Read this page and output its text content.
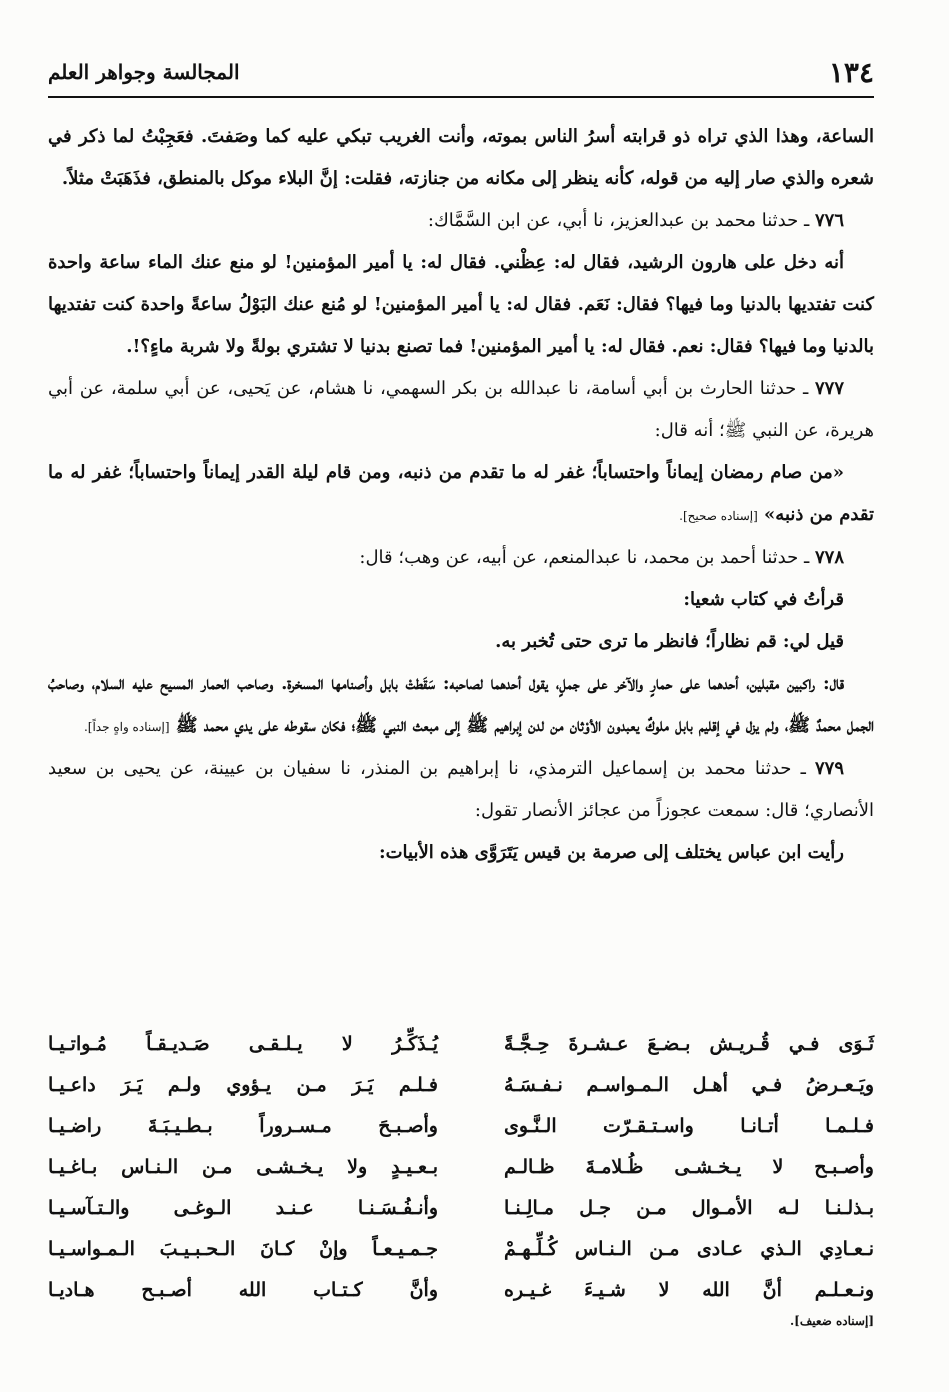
١٣٤
المجالسة وجواهر العلم

الساعة، وهذا الذي تراه ذو قرابته أسرُ الناس بموته، وأنت الغريب تبكي عليه كما وصَفتَ. فعَجِبْتُ لما ذكر في شعره والذي صار إليه من قوله، كأنه ينظر إلى مكانه من جنازته، فقلت: إنَّ البلاء موكل بالمنطق، فذَهَبَتْ مثلاً.

٧٧٦ ـ حدثنا محمد بن عبدالعزيز، نا أبي، عن ابن السَّمَّاك:

أنه دخل على هارون الرشيد، فقال له: عِظْني. فقال له: يا أمير المؤمنين! لو منع عنك الماء ساعة واحدة كنت تفتديها بالدنيا وما فيها؟ فقال: نَعَم. فقال له: يا أمير المؤمنين! لو مُنع عنك البَوْلُ ساعةً واحدة كنت تفتديها بالدنيا وما فيها؟ فقال: نعم. فقال له: يا أمير المؤمنين! فما تصنع بدنيا لا تشتري بولةً ولا شربة ماءٍ؟!.

٧٧٧ ـ حدثنا الحارث بن أبي أسامة، نا عبدالله بن بكر السهمي، نا هشام، عن يَحيى، عن أبي سلمة، عن أبي هريرة، عن النبي ﷺ؛ أنه قال:

«من صام رمضان إيماناً واحتساباً؛ غفر له ما تقدم من ذنبه، ومن قام ليلة القدر إيماناً واحتساباً؛ غفر له ما تقدم من ذنبه» [إسناده صحيح].

٧٧٨ ـ حدثنا أحمد بن محمد، نا عبدالمنعم، عن أبيه، عن وهب؛ قال:

قرأتُ في كتاب شعيا:

قيل لي: قم نظاراً؛ فانظر ما ترى حتى تُخبر به.

قال: راكبين مقبلين، أحدهما على حمارٍ والآخر على جملٍ، يقول أحدهما لصاحبه: سَقَطتْ بابل وأصنامها المسخرة. وصاحب الحمار المسيح عليه السلام، وصاحبُ الجمل محمدٌ ﷺ، ولم يزل في إقليم بابل ملوكٌ يعبدون الأوْثان من لدن إبراهيم ﷺ إلى مبعث النبي ﷺ؛ فكان سقوطه على يدي محمد ﷺ [إسناده واهٍ جداً].

٧٧٩ ـ حدثنا محمد بن إسماعيل الترمذي، نا إبراهيم بن المنذر، نا سفيان بن عيينة، عن يحيى بن سعيد الأنصاري؛ قال: سمعت عجوزاً من عجائز الأنصار تقول:

رأيت ابن عباس يختلف إلى صرمة بن قيس يَتَرَوَّى هذه الأبيات:

ثَـوَى فـي قُـريـش بـضـعَ عـشـرةَ حِـجَّـةً
يُـذَكِّـرُ لا يـلـقـى صَـديـقـاً مُـواتـيـا
ويَـعـرضُ فـي أهـل الـمـواسـم نـفـسَـهُ
فـلـم يَـرَ مـن يـؤوي ولـم يَـرَ داعـيـا
فـلـمـا أتـانـا واسـتـقـرّت الـنَّـوى
وأصـبـحَ مـسـروراً بـطـيـبَـةَ راضـيـا
وأصـبـح لا يـخـشـى ظُـلامـةَ ظـالـم
بـعـيـدٍ ولا يـخـشـى مـن الـنـاس بـاغـيـا
بـذلـنـا لـه الأمـوال مـن جـل مـالِـنـا
وأنـفُـسَـنـا عـنـد الـوغـى والـتـآسـيـا
نـعـادِي الـذي عـادى مـن الـنـاس كُـلِّـهـمْ
جـمـيـعـاً وإنْ كـانَ الـحـبـيـبَ الـمـواسـيـا
ونـعـلـم أنَّ الله لا شـيـءَ غـيـره
وأنَّ كـتـاب الله أصـبـح هـاديـا
[إسناده ضعيف].
